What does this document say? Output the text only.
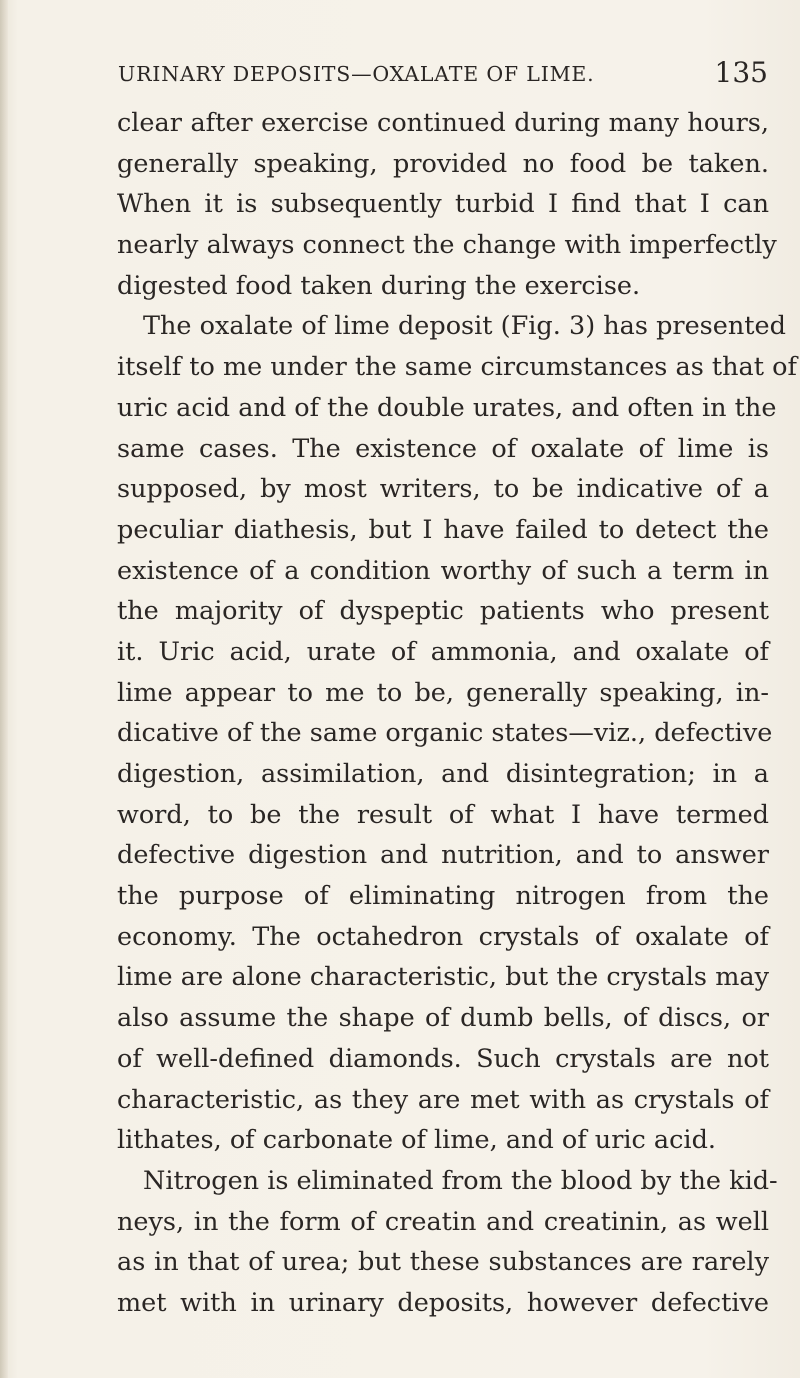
URINARY DEPOSITS—OXALATE OF LIME.	135
clear after exercise continued during many hours,
generally speaking, provided no food be taken.
When it is subsequently turbid I find that I can
nearly always connect the change with imperfectly
digested food taken during the exercise.
The oxalate of lime deposit (Fig. 3) has presented
itself to me under the same circumstances as that of
uric acid and of the double urates, and often in the
same cases. The existence of oxalate of lime is
supposed, by most writers, to be indicative of a
peculiar diathesis, but I have failed to detect the
existence of a condition worthy of such a term in
the majority of dyspeptic patients who present
it. Uric acid, urate of ammonia, and oxalate of
lime appear to me to be, generally speaking, in-
dicative of the same organic states—viz., defective
digestion, assimilation, and disintegration; in a
word, to be the result of what I have termed
defective digestion and nutrition, and to answer
the purpose of eliminating nitrogen from the
economy. The octahedron crystals of oxalate of
lime are alone characteristic, but the crystals may
also assume the shape of dumb bells, of discs, or
of well-defined diamonds. Such crystals are not
characteristic, as they are met with as crystals of
lithates, of carbonate of lime, and of uric acid.
Nitrogen is eliminated from the blood by the kid-
neys, in the form of creatin and creatinin, as well
as in that of urea; but these substances are rarely
met with in urinary deposits, however defective
